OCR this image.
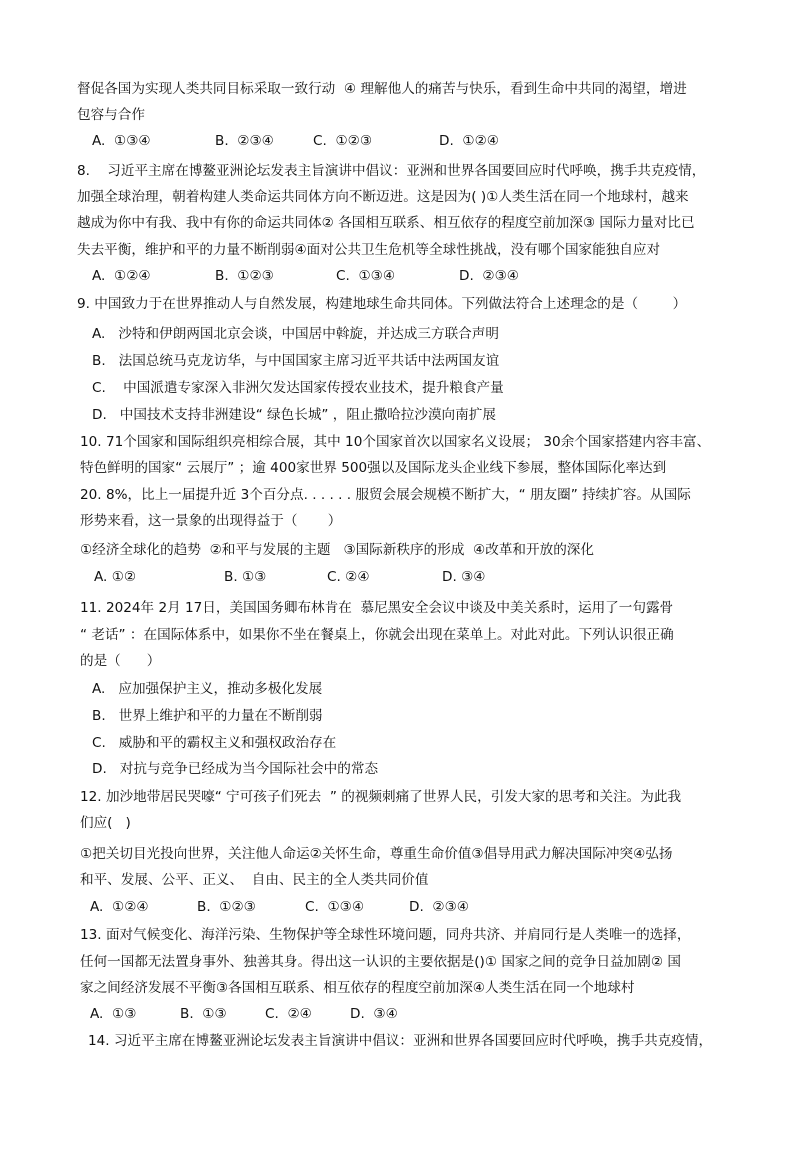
督促各国为实现人类共同目标采取一致行动  ④ 理解他人的痛苦与快乐，看到生命中共同的渴望，增进
包容与合作

A.  ①③④

	B.  ②③④

	C.  ①②③

	D.  ①②④

8.    习近平主席在博鳌亚洲论坛发表主旨演讲中倡议：亚洲和世界各国要回应时代呼唤，携手共克疫情，
加强全球治理，朝着构建人类命运共同体方向不断迈进。这是因为( )①人类生活在同一个地球村，越来
越成为你中有我、我中有你的命运共同体② 各国相互联系、相互依存的程度空前加深③ 国际力量对比已
失去平衡，维护和平的力量不断削弱④面对公共卫生危机等全球性挑战，没有哪个国家能独自应对

A.  ①②④

	B.  ①②③

	C.  ①③④

	D.  ②③④

9. 中国致力于在世界推动人与自然发展，构建地球生命共同体。下列做法符合上述理念的是（        ）
A.   沙特和伊朗两国北京会谈，中国居中斡旋，并达成三方联合声明
B.   法国总统马克龙访华，与中国国家主席习近平共话中法两国友谊
C.    中国派遣专家深入非洲欠发达国家传授农业技术，提升粮食产量
D.   中国技术支持非洲建设“ 绿色长城” ，阻止撒哈拉沙漠向南扩展
10. 71个国家和国际组织亮相综合展，其中 10个国家首次以国家名义设展； 30余个国家搭建内容丰富、
特色鲜明的国家“ 云展厅” ；逾 400家世界 500强以及国际龙头企业线下参展，整体国际化率达到
20. 8%，比上一届提升近 3个百分点. . . . . . 服贸会展会规模不断扩大，“ 朋友圈” 持续扩容。从国际
形势来看，这一景象的出现得益于（       ）
①经济全球化的趋势  ②和平与发展的主题   ③国际新秩序的形成  ④改革和开放的深化

A. ①②

	B. ①③

	C. ②④

	D. ③④

11. 2024年 2月 17日，美国国务卿布林肯在  慕尼黑安全会议中谈及中美关系时，运用了一句露骨
“ 老话” ：在国际体系中，如果你不坐在餐桌上，你就会出现在菜单上。对此对此。下列认识很正确
的是（      ）
A.   应加强保护主义，推动多极化发展
B.   世界上维护和平的力量在不断削弱
C.   威胁和平的霸权主义和强权政治存在
D.   对抗与竞争已经成为当今国际社会中的常态
12. 加沙地带居民哭嚎“ 宁可孩子们死去  ” 的视频刺痛了世界人民，引发大家的思考和关注。为此我
们应(   )
①把关切目光投向世界，关注他人命运②关怀生命，尊重生命价值③倡导用武力解决国际冲突④弘扬
和平、发展、公平、正义、  自由、民主的全人类共同价值

A.  ①②④

	B.  ①②③

	C.  ①③④

	D.  ②③④

13. 面对气候变化、海洋污染、生物保护等全球性环境问题，同舟共济、并肩同行是人类唯一的选择，
任何一国都无法置身事外、独善其身。得出这一认识的主要依据是()① 国家之间的竞争日益加剧② 国
家之间经济发展不平衡③各国相互联系、相互依存的程度空前加深④人类生活在同一个地球村

A.  ①③

	B.  ①③

	C.  ②④

	D.  ③④

14. 习近平主席在博鳌亚洲论坛发表主旨演讲中倡议：亚洲和世界各国要回应时代呼唤，携手共克疫情，
